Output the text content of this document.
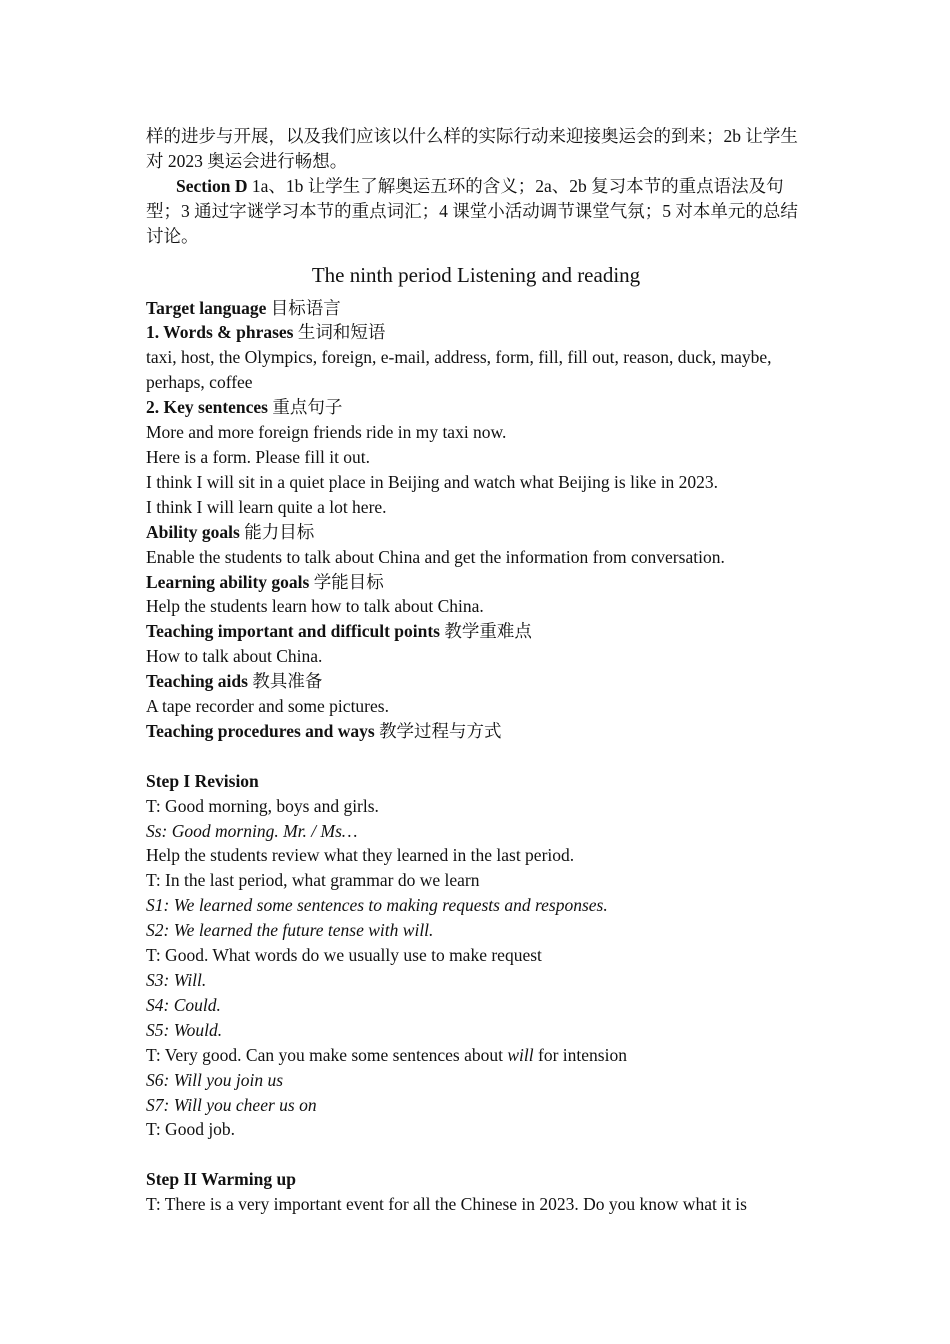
样的进步与开展，以及我们应该以什么样的实际行动来迎接奥运会的到来；2b 让学生对 2023 奥运会进行畅想。

Section D 1a、1b 让学生了解奥运五环的含义；2a、2b 复习本节的重点语法及句型；3 通过字谜学习本节的重点词汇；4 课堂小活动调节课堂气氛；5 对本单元的总结讨论。

The ninth period Listening and reading

Target language 目标语言

1. Words & phrases 生词和短语

taxi, host, the Olympics, foreign, e-mail, address, form, fill, fill out, reason, duck, maybe, perhaps, coffee

2. Key sentences 重点句子

More and more foreign friends ride in my taxi now.

Here is a form. Please fill it out.

I think I will sit in a quiet place in Beijing and watch what Beijing is like in 2023.

I think I will learn quite a lot here.

Ability goals 能力目标

Enable the students to talk about China and get the information from conversation.

Learning ability goals 学能目标

Help the students learn how to talk about China.

Teaching important and difficult points 教学重难点

How to talk about China.

Teaching aids 教具准备

A tape recorder and some pictures.

Teaching procedures and ways 教学过程与方式

Step I Revision

T: Good morning, boys and girls.

Ss: Good morning. Mr. / Ms…

Help the students review what they learned in the last period.

T: In the last period, what grammar do we learn

S1: We learned some sentences to making requests and responses.

S2: We learned the future tense with will.

T: Good. What words do we usually use to make request

S3: Will.

S4: Could.

S5: Would.

T: Very good. Can you make some sentences about will for intension

S6: Will you join us

S7: Will you cheer us on

T: Good job.

Step II Warming up

T: There is a very important event for all the Chinese in 2023. Do you know what it is
